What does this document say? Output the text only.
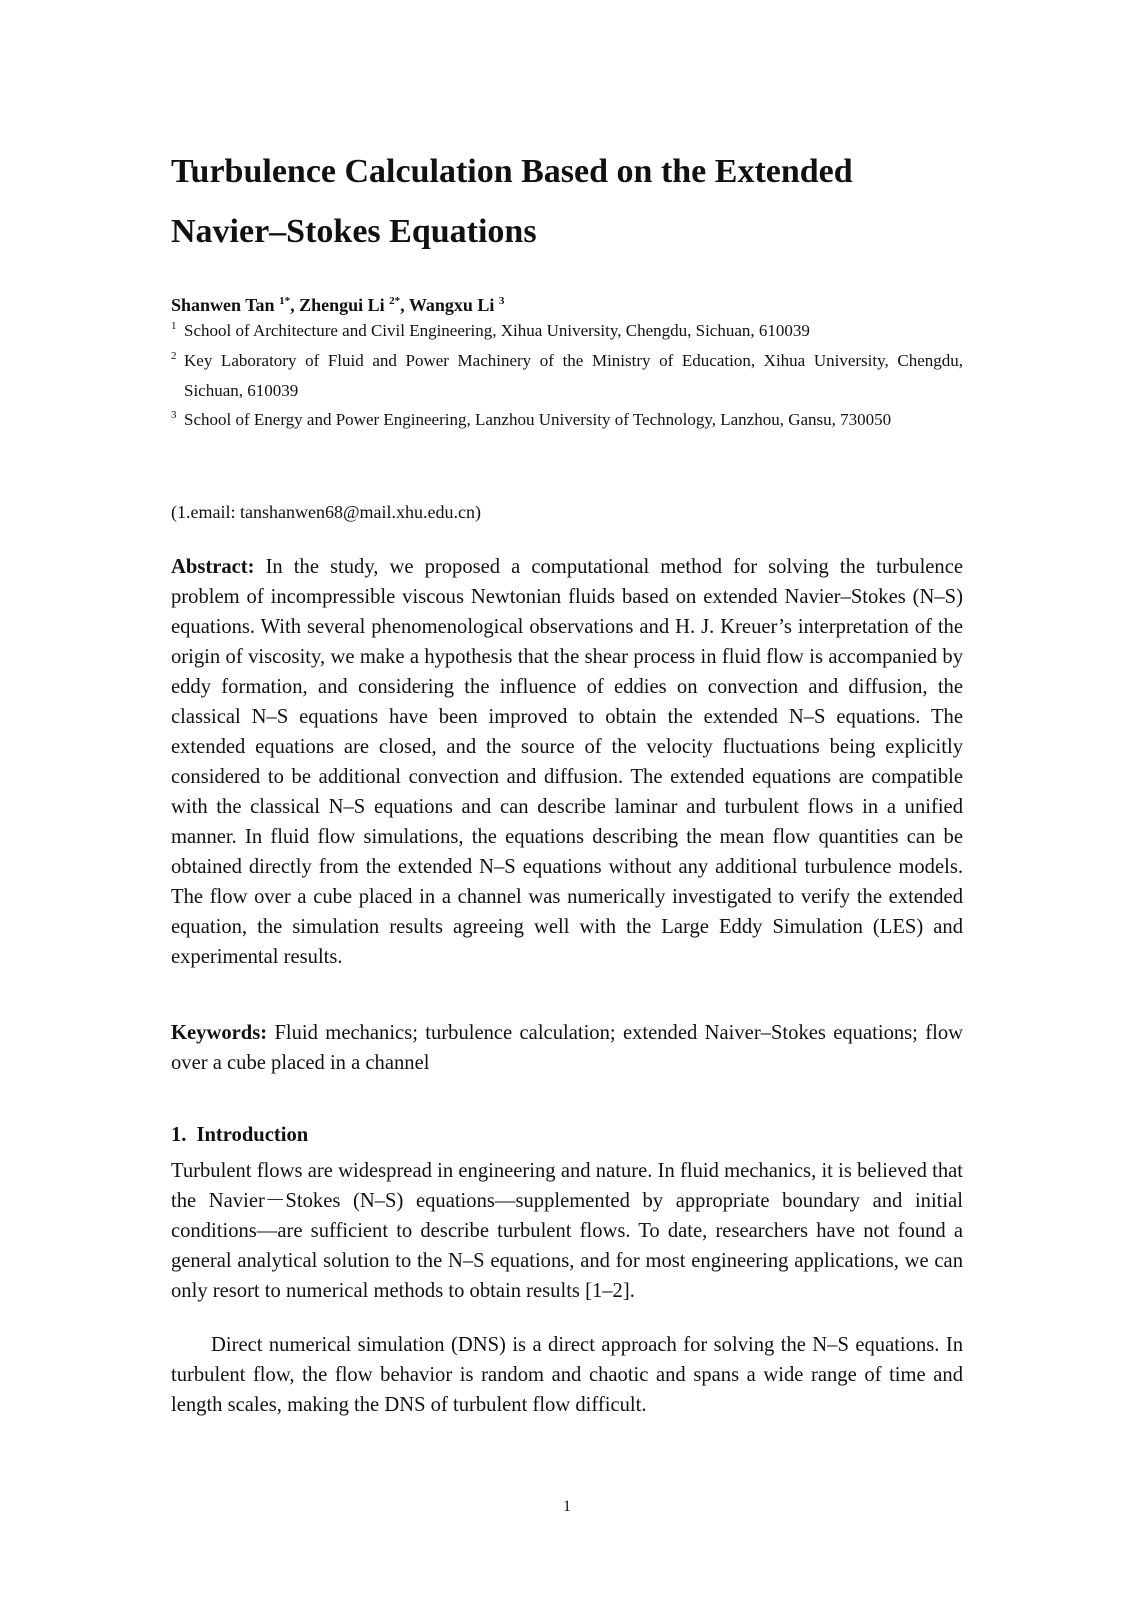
Turbulence Calculation Based on the Extended
Navier–Stokes Equations

Shanwen Tan $^{1*}$, Zhengui Li $^{2*}$, Wangxu Li $^3$

1 School of Architecture and Civil Engineering, Xihua University, Chengdu, Sichuan, 610039
2 Key Laboratory of Fluid and Power Machinery of the Ministry of Education, Xihua University, Chengdu, Sichuan, 610039
3 School of Energy and Power Engineering, Lanzhou University of Technology, Lanzhou, Gansu, 730050

(1.email: tanshanwen68@mail.xhu.edu.cn)

Abstract: In the study, we proposed a computational method for solving the turbulence problem of incompressible viscous Newtonian fluids based on extended Navier–Stokes (N–S) equations. With several phenomenological observations and H. J. Kreuer’s interpretation of the origin of viscosity, we make a hypothesis that the shear process in fluid flow is accompanied by eddy formation, and considering the influence of eddies on convection and diffusion, the classical N–S equations have been improved to obtain the extended N–S equations. The extended equations are closed, and the source of the velocity fluctuations being explicitly considered to be additional convection and diffusion. The extended equations are compatible with the classical N–S equations and can describe laminar and turbulent flows in a unified manner. In fluid flow simulations, the equations describing the mean flow quantities can be obtained directly from the extended N–S equations without any additional turbulence models. The flow over a cube placed in a channel was numerically investigated to verify the extended equation, the simulation results agreeing well with the Large Eddy Simulation (LES) and experimental results.

Keywords: Fluid mechanics; turbulence calculation; extended Naiver–Stokes equations; flow over a cube placed in a channel

1. Introduction

Turbulent flows are widespread in engineering and nature. In fluid mechanics, it is believed that the Navier－Stokes (N–S) equations—supplemented by appropriate boundary and initial conditions—are sufficient to describe turbulent flows. To date, researchers have not found a general analytical solution to the N–S equations, and for most engineering applications, we can only resort to numerical methods to obtain results [1–2].

Direct numerical simulation (DNS) is a direct approach for solving the N–S equations. In turbulent flow, the flow behavior is random and chaotic and spans a wide range of time and length scales, making the DNS of turbulent flow difficult.

1
